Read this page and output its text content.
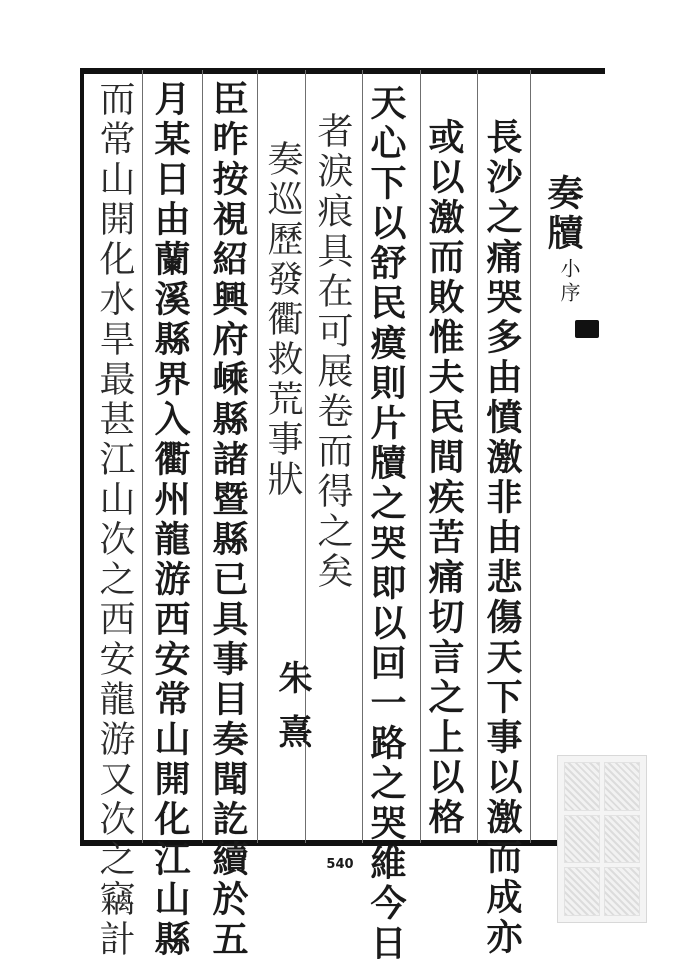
奏牘
小序
長沙之痛哭多由憤激非由悲傷天下事以激而成亦
或以激而敗惟夫民間疾苦痛切言之上以格
天心下以舒民瘼則片牘之哭即以回一路之哭維今日
者淚痕具在可展卷而得之矣
奏巡歷發衢救荒事狀
臣昨按視紹興府嵊縣諸暨縣已具事目奏聞訖續於五
月某日由蘭溪縣界入衢州龍游西安常山開化江山縣
而常山開化水旱最甚江山次之西安龍游又次之竊計	朱熹
540
